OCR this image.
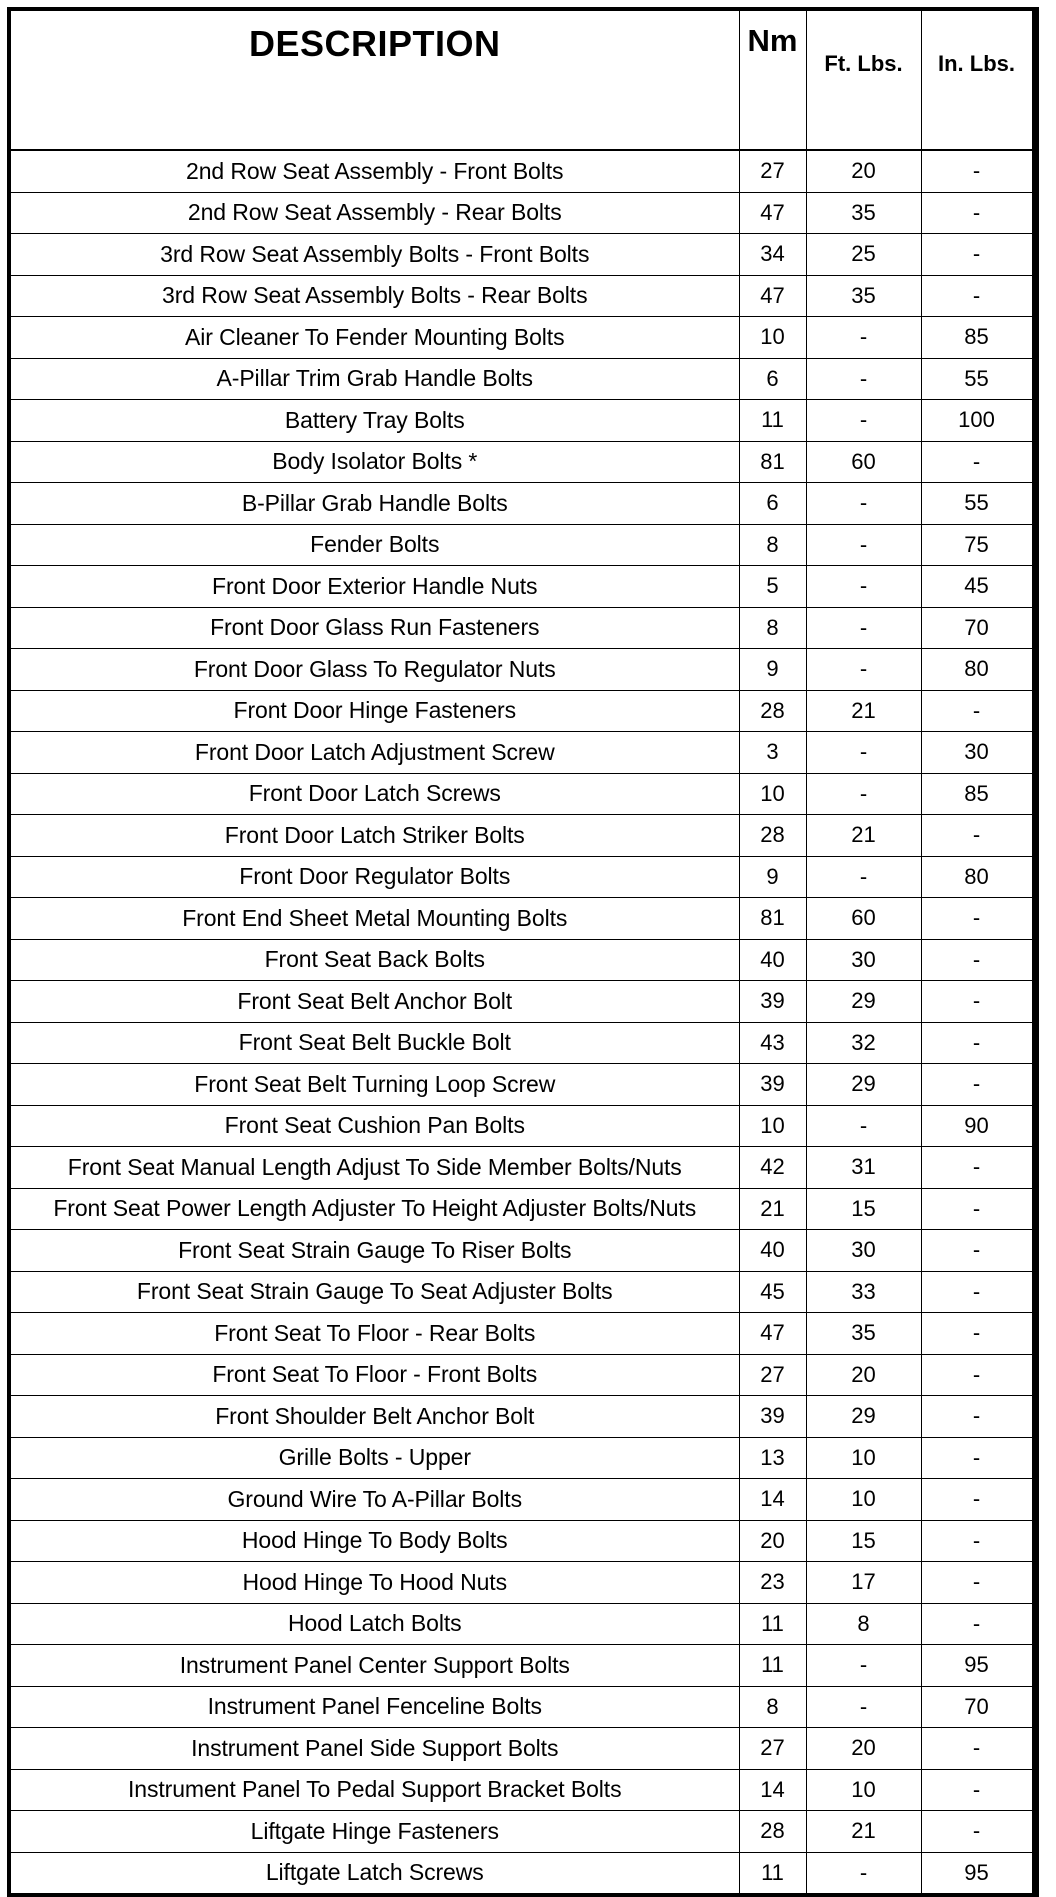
DESCRIPTION	Nm	Ft. Lbs.	In. Lbs.
2nd Row Seat Assembly - Front Bolts	27	20	-
2nd Row Seat Assembly - Rear Bolts	47	35	-
3rd Row Seat Assembly Bolts - Front Bolts	34	25	-
3rd Row Seat Assembly Bolts - Rear Bolts	47	35	-
Air Cleaner To Fender Mounting Bolts	10	-	85
A-Pillar Trim Grab Handle Bolts	6	-	55
Battery Tray Bolts	11	-	100
Body Isolator Bolts *	81	60	-
B-Pillar Grab Handle Bolts	6	-	55
Fender Bolts	8	-	75
Front Door Exterior Handle Nuts	5	-	45
Front Door Glass Run Fasteners	8	-	70
Front Door Glass To Regulator Nuts	9	-	80
Front Door Hinge Fasteners	28	21	-
Front Door Latch Adjustment Screw	3	-	30
Front Door Latch Screws	10	-	85
Front Door Latch Striker Bolts	28	21	-
Front Door Regulator Bolts	9	-	80
Front End Sheet Metal Mounting Bolts	81	60	-
Front Seat Back Bolts	40	30	-
Front Seat Belt Anchor Bolt	39	29	-
Front Seat Belt Buckle Bolt	43	32	-
Front Seat Belt Turning Loop Screw	39	29	-
Front Seat Cushion Pan Bolts	10	-	90
Front Seat Manual Length Adjust To Side Member Bolts/Nuts	42	31	-
Front Seat Power Length Adjuster To Height Adjuster Bolts/Nuts	21	15	-
Front Seat Strain Gauge To Riser Bolts	40	30	-
Front Seat Strain Gauge To Seat Adjuster Bolts	45	33	-
Front Seat To Floor - Rear Bolts	47	35	-
Front Seat To Floor - Front Bolts	27	20	-
Front Shoulder Belt Anchor Bolt	39	29	-
Grille Bolts - Upper	13	10	-
Ground Wire To A-Pillar Bolts	14	10	-
Hood Hinge To Body Bolts	20	15	-
Hood Hinge To Hood Nuts	23	17	-
Hood Latch Bolts	11	8	-
Instrument Panel Center Support Bolts	11	-	95
Instrument Panel Fenceline Bolts	8	-	70
Instrument Panel Side Support Bolts	27	20	-
Instrument Panel To Pedal Support Bracket Bolts	14	10	-
Liftgate Hinge Fasteners	28	21	-
Liftgate Latch Screws	11	-	95
